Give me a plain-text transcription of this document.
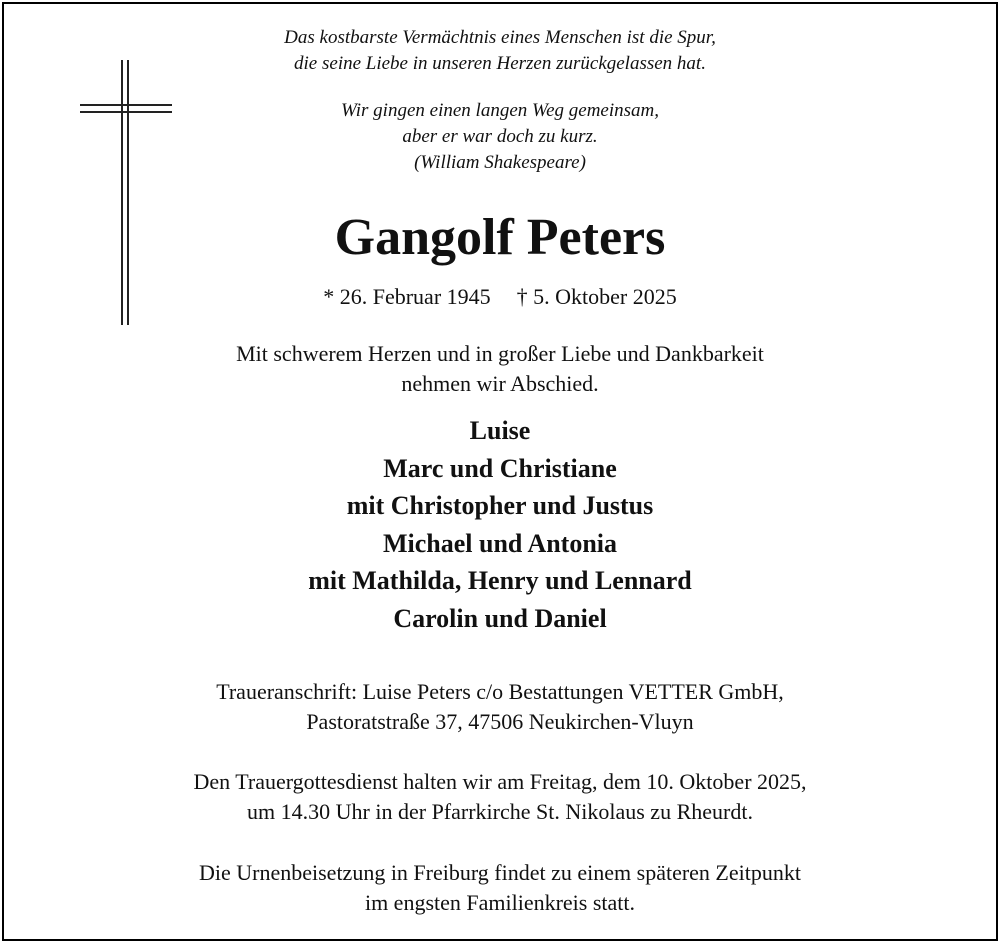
Das kostbarste Vermächtnis eines Menschen ist die Spur,
die seine Liebe in unseren Herzen zurückgelassen hat.
Wir gingen einen langen Weg gemeinsam,
aber er war doch zu kurz.
(William Shakespeare)
Gangolf Peters
* 26. Februar 1945 † 5. Oktober 2025
Mit schwerem Herzen und in großer Liebe und Dankbarkeit
nehmen wir Abschied.
Luise
Marc und Christiane
mit Christopher und Justus
Michael und Antonia
mit Mathilda, Henry und Lennard
Carolin und Daniel
Traueranschrift: Luise Peters c/o Bestattungen VETTER GmbH,
Pastoratstraße 37, 47506 Neukirchen-Vluyn
Den Trauergottesdienst halten wir am Freitag, dem 10. Oktober 2025,
um 14.30 Uhr in der Pfarrkirche St. Nikolaus zu Rheurdt.
Die Urnenbeisetzung in Freiburg findet zu einem späteren Zeitpunkt
im engsten Familienkreis statt.
